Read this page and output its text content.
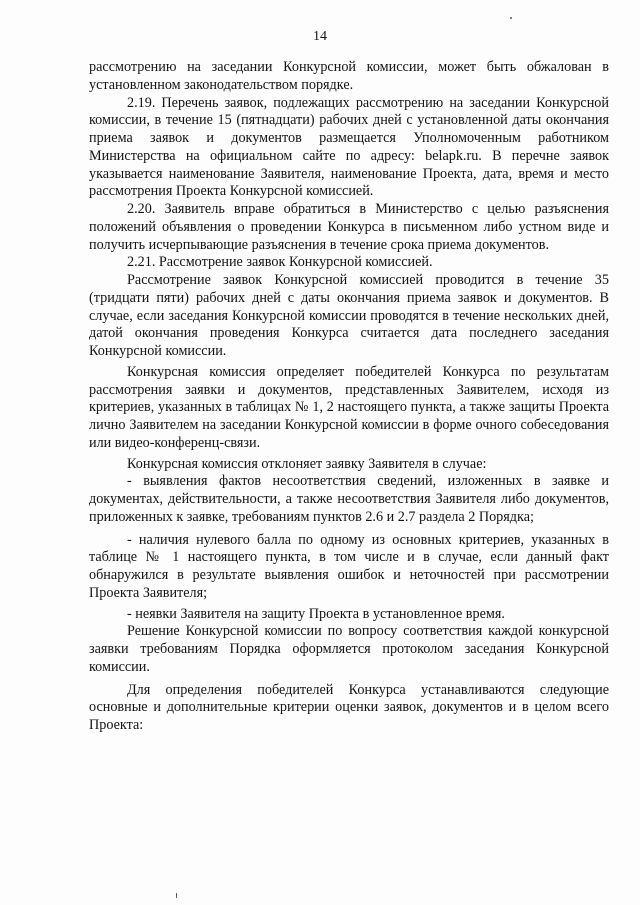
14

рассмотрению на заседании Конкурсной комиссии, может быть обжалован в установленном законодательством порядке.

2.19. Перечень заявок, подлежащих рассмотрению на заседании Конкурсной комиссии, в течение 15 (пятнадцати) рабочих дней с установленной даты окончания приема заявок и документов размещается Уполномоченным работником Министерства на официальном сайте по адресу: belapk.ru. В перечне заявок указывается наименование Заявителя, наименование Проекта, дата, время и место рассмотрения Проекта Конкурсной комиссией.

2.20. Заявитель вправе обратиться в Министерство с целью разъяснения положений объявления о проведении Конкурса в письменном либо устном виде и получить исчерпывающие разъяснения в течение срока приема документов.

2.21. Рассмотрение заявок Конкурсной комиссией.

Рассмотрение заявок Конкурсной комиссией проводится в течение 35 (тридцати пяти) рабочих дней с даты окончания приема заявок и документов. В случае, если заседания Конкурсной комиссии проводятся в течение нескольких дней, датой окончания проведения Конкурса считается дата последнего заседания Конкурсной комиссии.

Конкурсная комиссия определяет победителей Конкурса по результатам рассмотрения заявки и документов, представленных Заявителем, исходя из критериев, указанных в таблицах № 1, 2 настоящего пункта, а также защиты Проекта лично Заявителем на заседании Конкурсной комиссии в форме очного собеседования или видео-конференц-связи.

Конкурсная комиссия отклоняет заявку Заявителя в случае:

- выявления фактов несоответствия сведений, изложенных в заявке и документах, действительности, а также несоответствия Заявителя либо документов, приложенных к заявке, требованиям пунктов 2.6 и 2.7 раздела 2 Порядка;

- наличия нулевого балла по одному из основных критериев, указанных в таблице № 1 настоящего пункта, в том числе и в случае, если данный факт обнаружился в результате выявления ошибок и неточностей при рассмотрении Проекта Заявителя;

- неявки Заявителя на защиту Проекта в установленное время.

Решение Конкурсной комиссии по вопросу соответствия каждой конкурсной заявки требованиям Порядка оформляется протоколом заседания Конкурсной комиссии.

Для определения победителей Конкурса устанавливаются следующие основные и дополнительные критерии оценки заявок, документов и в целом всего Проекта:
